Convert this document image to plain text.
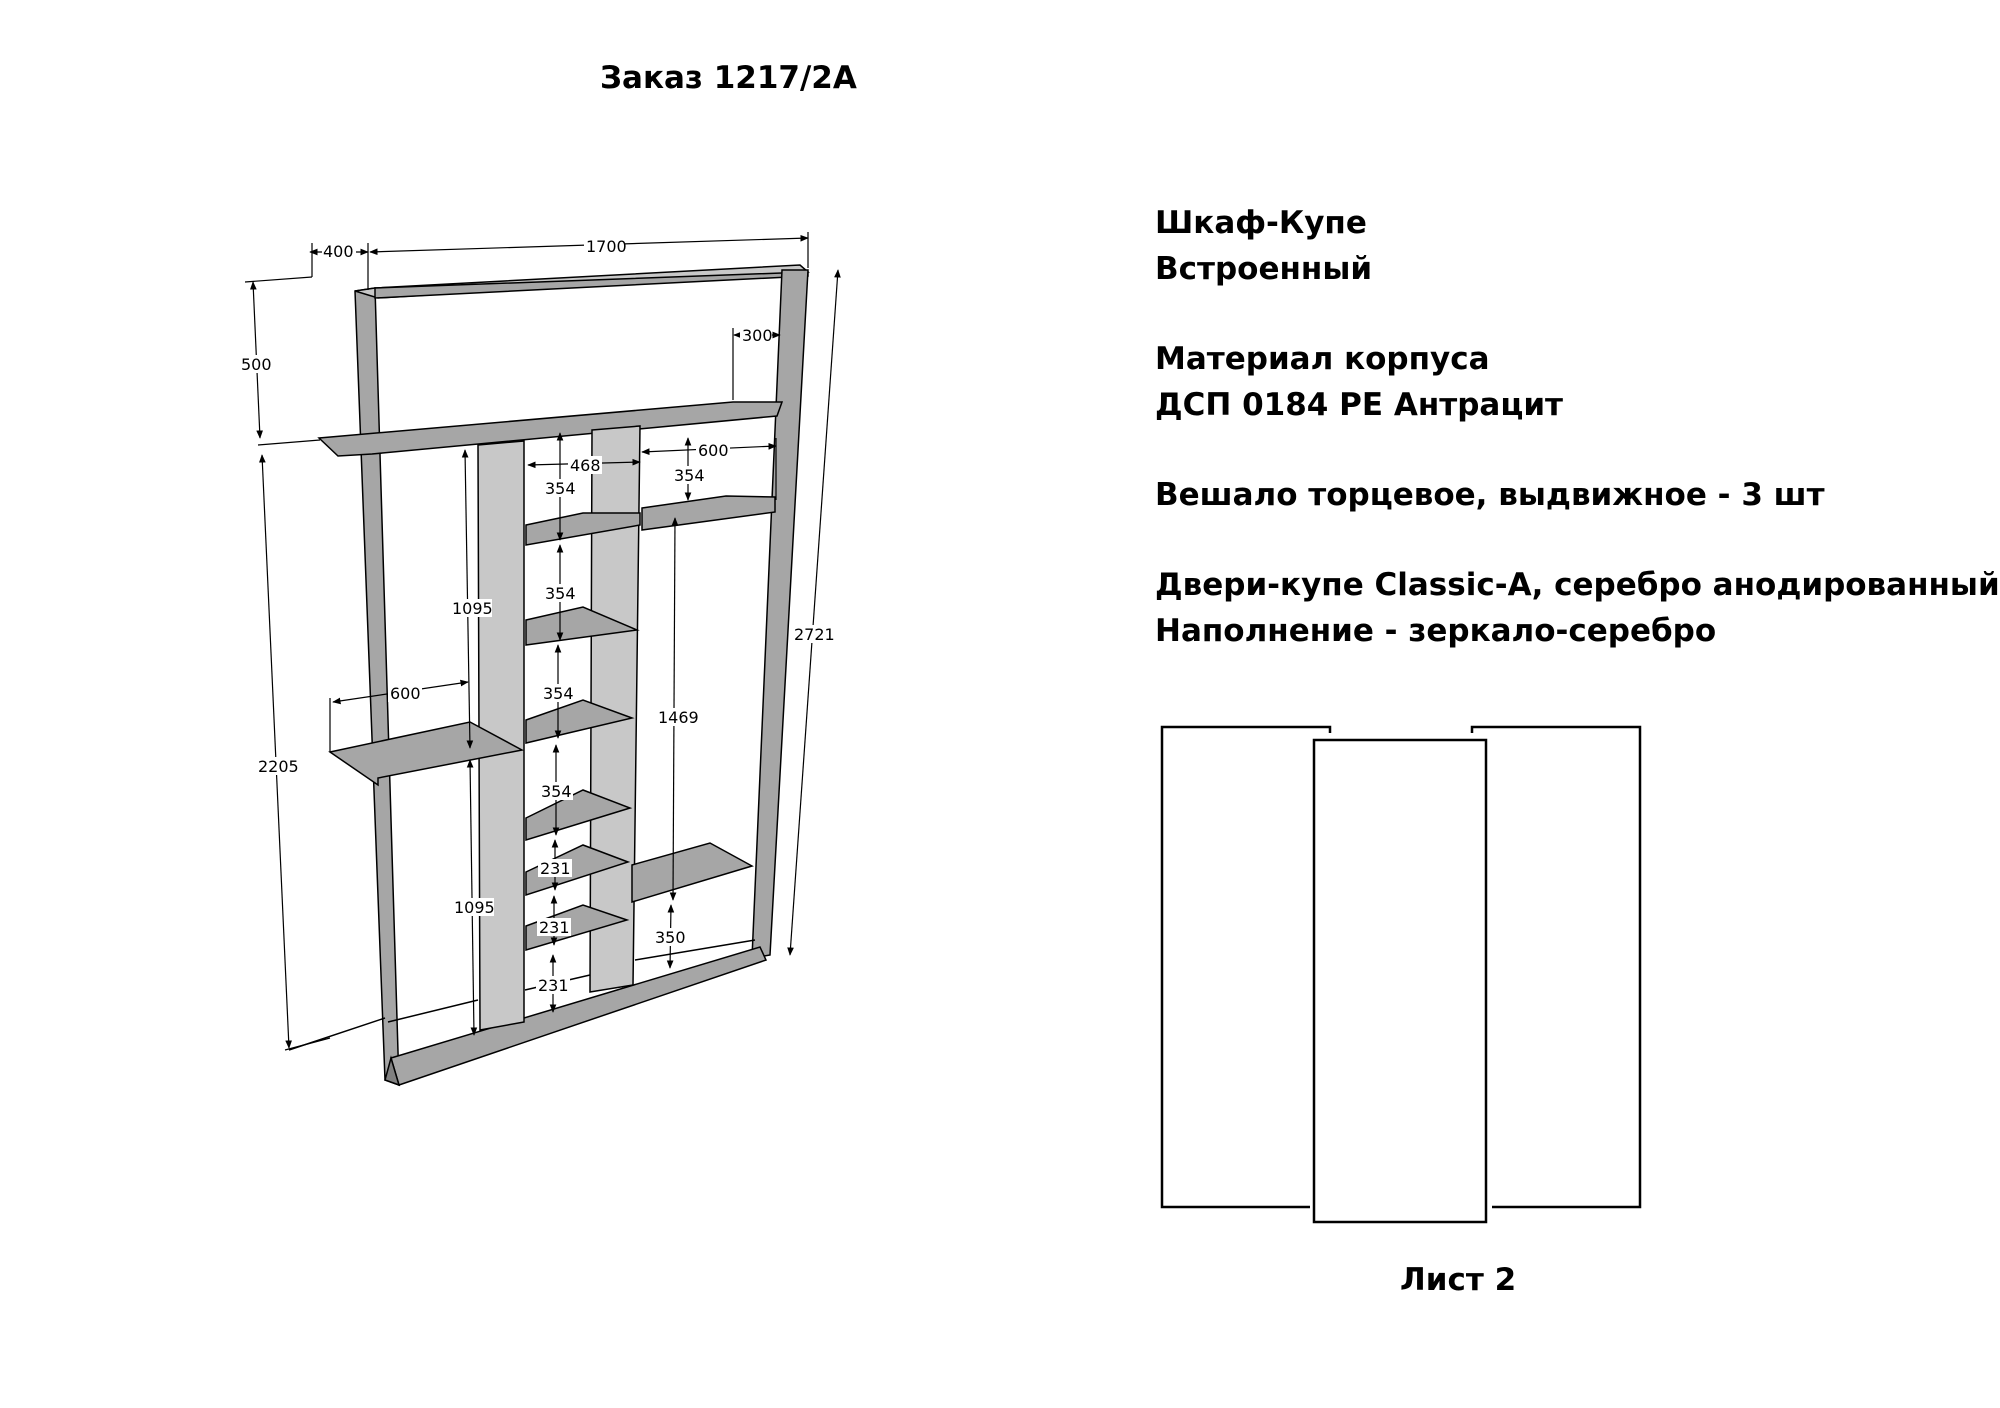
Заказ 1217/2А
Шкаф-Купе
Встроенный
Материал корпуса
ДСП 0184 PE Антрацит
Вешало торцевое, выдвижное - 3 шт
Двери-купе Classic-А, серебро анодированный
Наполнение - зеркало-серебро
Лист 2
400	1700
500
300
2721
2205
1095
1095
600
468
600
354
1469
350
354
354
354
354
231
231
231
